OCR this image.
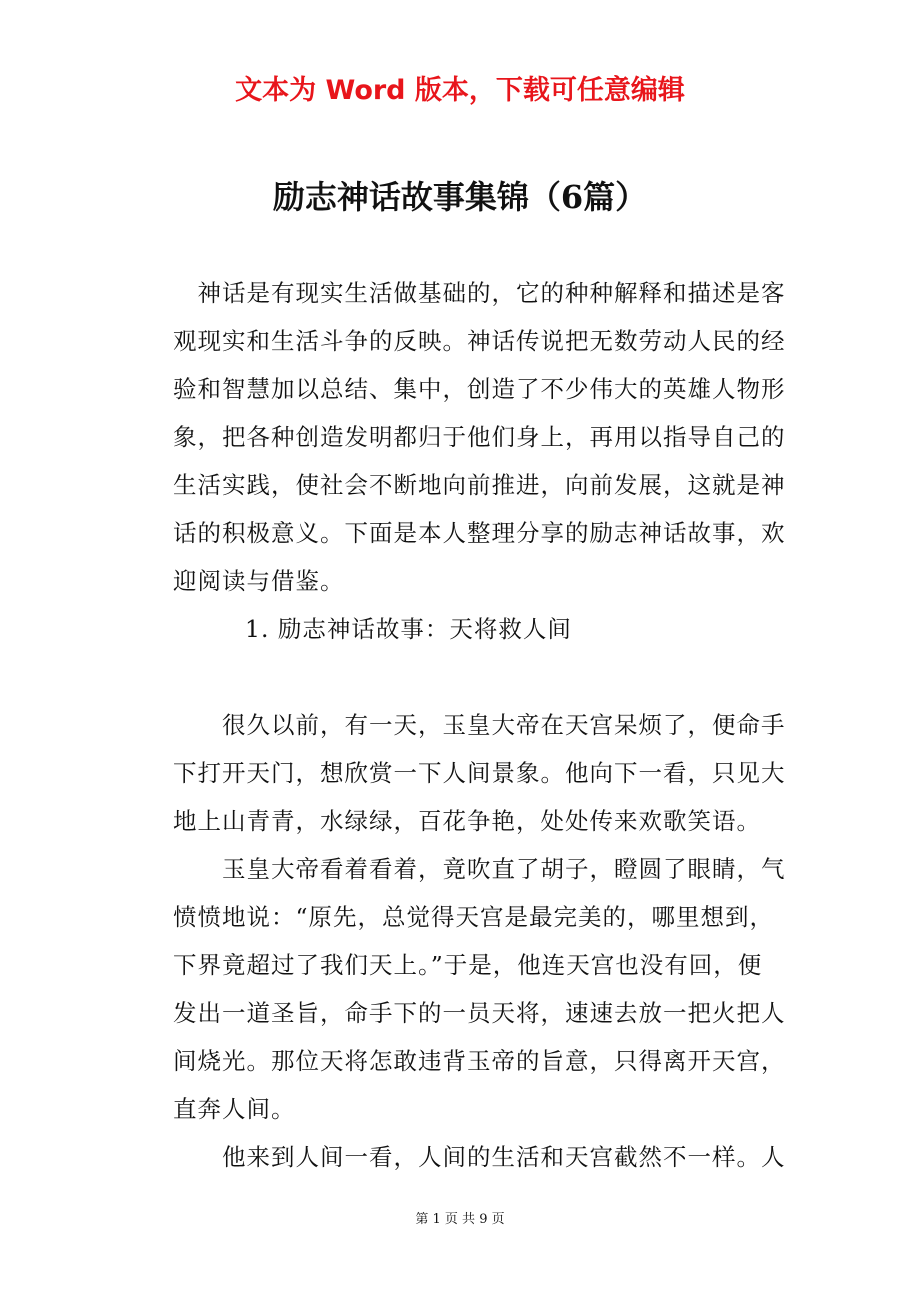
文本为 Word 版本，下载可任意编辑
励志神话故事集锦（6篇）
　神话是有现实生活做基础的，它的种种解释和描述是客
观现实和生活斗争的反映。神话传说把无数劳动人民的经
验和智慧加以总结、集中，创造了不少伟大的英雄人物形
象，把各种创造发明都归于他们身上，再用以指导自己的
生活实践，使社会不断地向前推进，向前发展，这就是神
话的积极意义。下面是本人整理分享的励志神话故事，欢
迎阅读与借鉴。
1. 励志神话故事：天将救人间
　　很久以前，有一天，玉皇大帝在天宫呆烦了，便命手
下打开天门，想欣赏一下人间景象。他向下一看，只见大
地上山青青，水绿绿，百花争艳，处处传来欢歌笑语。
　　玉皇大帝看着看着，竟吹直了胡子，瞪圆了眼睛，气
愤愤地说：“原先，总觉得天宫是最完美的，哪里想到，
下界竟超过了我们天上。”于是，他连天宫也没有回，便
发出一道圣旨，命手下的一员天将，速速去放一把火把人
间烧光。那位天将怎敢违背玉帝的旨意，只得离开天宫，
直奔人间。
　　他来到人间一看，人间的生活和天宫截然不一样。人
第 1 页 共 9 页
